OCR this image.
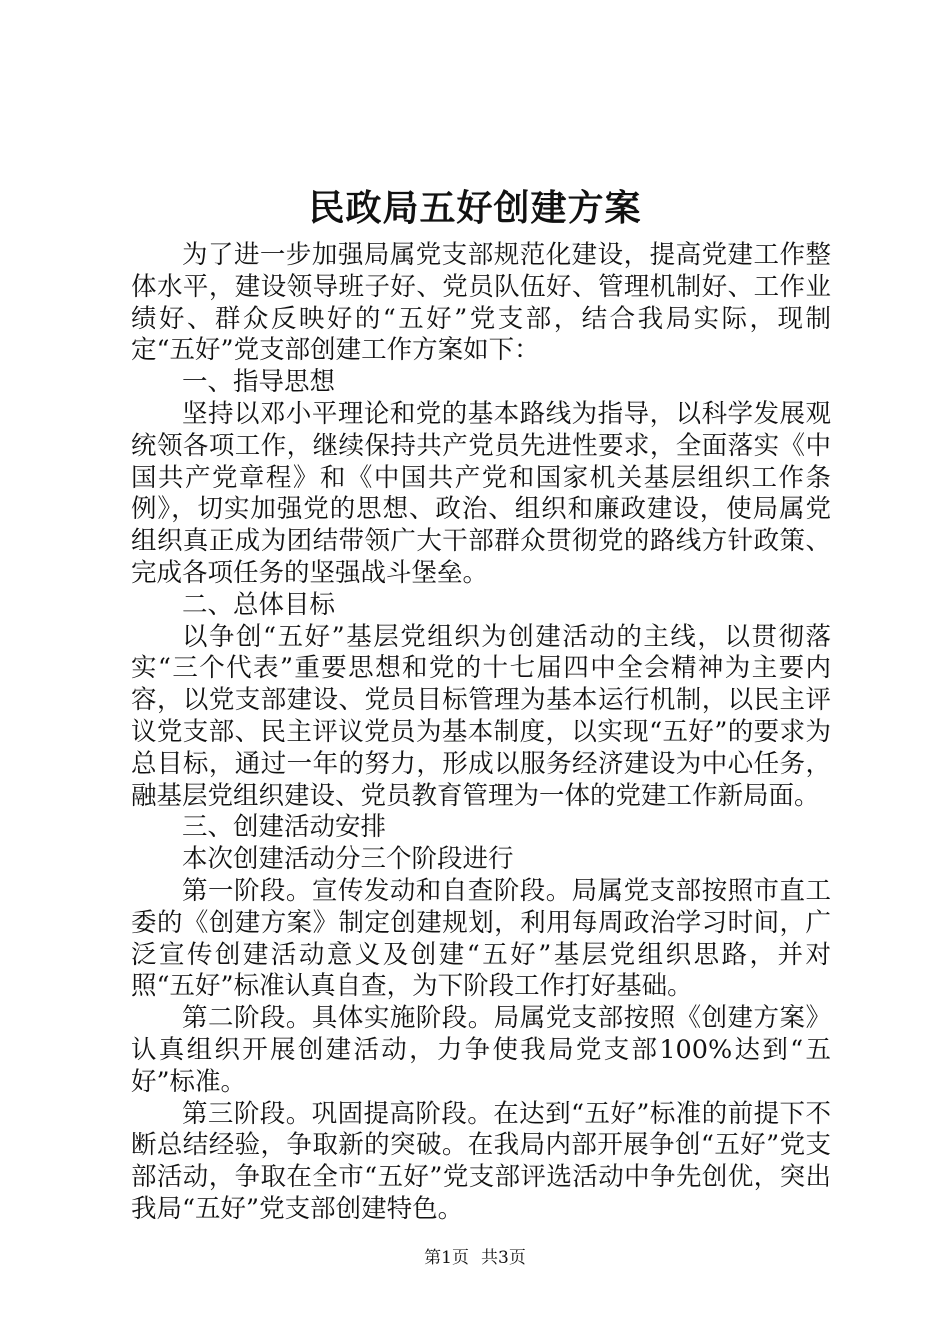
民政局五好创建方案

为了进一步加强局属党支部规范化建设，提高党建工作整体水平，建设领导班子好、党员队伍好、管理机制好、工作业绩好、群众反映好的“五好”党支部，结合我局实际，现制定“五好”党支部创建工作方案如下：

一、指导思想

坚持以邓小平理论和党的基本路线为指导，以科学发展观统领各项工作，继续保持共产党员先进性要求，全面落实《中国共产党章程》和《中国共产党和国家机关基层组织工作条例》，切实加强党的思想、政治、组织和廉政建设，使局属党组织真正成为团结带领广大干部群众贯彻党的路线方针政策、完成各项任务的坚强战斗堡垒。

二、总体目标

以争创“五好”基层党组织为创建活动的主线，以贯彻落实“三个代表”重要思想和党的十七届四中全会精神为主要内容，以党支部建设、党员目标管理为基本运行机制，以民主评议党支部、民主评议党员为基本制度，以实现“五好”的要求为总目标，通过一年的努力，形成以服务经济建设为中心任务，融基层党组织建设、党员教育管理为一体的党建工作新局面。

三、创建活动安排

本次创建活动分三个阶段进行

第一阶段。宣传发动和自查阶段。局属党支部按照市直工委的《创建方案》制定创建规划，利用每周政治学习时间，广泛宣传创建活动意义及创建“五好”基层党组织思路，并对照“五好”标准认真自查，为下阶段工作打好基础。

第二阶段。具体实施阶段。局属党支部按照《创建方案》认真组织开展创建活动，力争使我局党支部100%达到“五好”标准。

第三阶段。巩固提高阶段。在达到“五好”标准的前提下不断总结经验，争取新的突破。在我局内部开展争创“五好”党支部活动，争取在全市“五好”党支部评选活动中争先创优，突出我局“五好”党支部创建特色。

第1页 共3页
